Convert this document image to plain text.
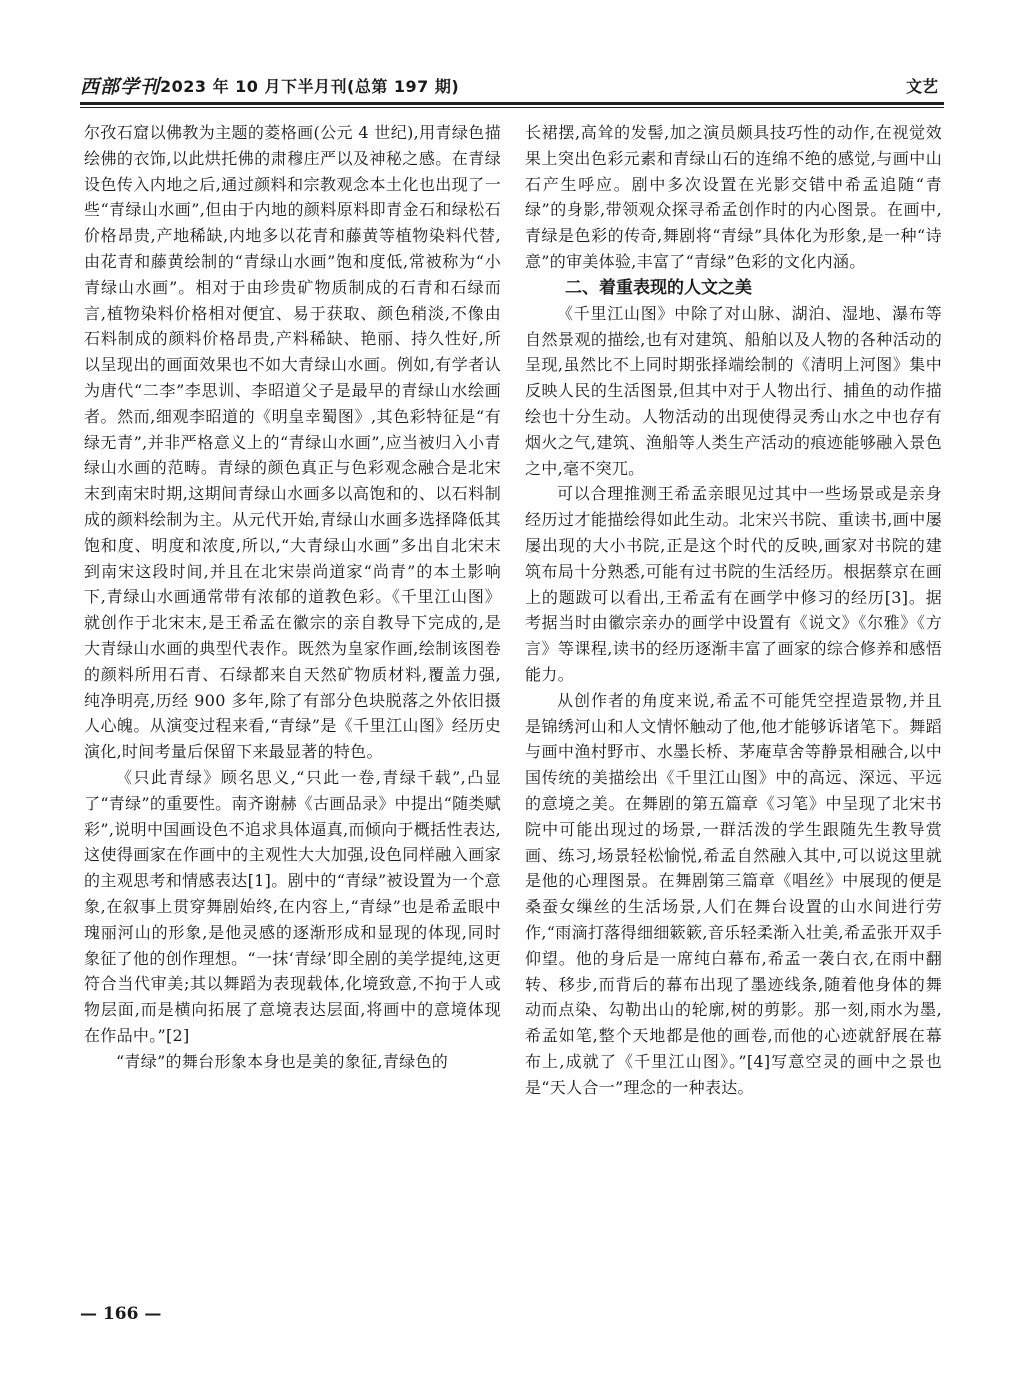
西部学刊 2023 年 10 月下半月刊(总第 197 期)	文艺

尔孜石窟以佛教为主题的菱格画(公元 4 世纪),用青绿色描绘佛的衣饰,以此烘托佛的肃穆庄严以及神秘之感。在青绿设色传入内地之后,通过颜料和宗教观念本土化也出现了一些“青绿山水画”,但由于内地的颜料原料即青金石和绿松石价格昂贵,产地稀缺,内地多以花青和藤黄等植物染料代替,由花青和藤黄绘制的“青绿山水画”饱和度低,常被称为“小青绿山水画”。相对于由珍贵矿物质制成的石青和石绿而言,植物染料价格相对便宜、易于获取、颜色稍淡,不像由石料制成的颜料价格昂贵,产料稀缺、艳丽、持久性好,所以呈现出的画面效果也不如大青绿山水画。例如,有学者认为唐代“二李”李思训、李昭道父子是最早的青绿山水绘画者。然而,细观李昭道的《明皇幸蜀图》,其色彩特征是“有绿无青”,并非严格意义上的“青绿山水画”,应当被归入小青绿山水画的范畴。青绿的颜色真正与色彩观念融合是北宋末到南宋时期,这期间青绿山水画多以高饱和的、以石料制成的颜料绘制为主。从元代开始,青绿山水画多选择降低其饱和度、明度和浓度,所以,“大青绿山水画”多出自北宋末到南宋这段时间,并且在北宋崇尚道家“尚青”的本土影响下,青绿山水画通常带有浓郁的道教色彩。《千里江山图》就创作于北宋末,是王希孟在徽宗的亲自教导下完成的,是大青绿山水画的典型代表作。既然为皇家作画,绘制该图卷的颜料所用石青、石绿都来自天然矿物质材料,覆盖力强,纯净明亮,历经 900 多年,除了有部分色块脱落之外依旧摄人心魄。从演变过程来看,“青绿”是《千里江山图》经历史演化,时间考量后保留下来最显著的特色。

《只此青绿》顾名思义,“只此一卷,青绿千载”,凸显了“青绿”的重要性。南齐谢赫《古画品录》中提出“随类赋彩”,说明中国画设色不追求具体逼真,而倾向于概括性表达,这使得画家在作画中的主观性大大加强,设色同样融入画家的主观思考和情感表达[1]。剧中的“青绿”被设置为一个意象,在叙事上贯穿舞剧始终,在内容上,“青绿”也是希孟眼中瑰丽河山的形象,是他灵感的逐渐形成和显现的体现,同时象征了他的创作理想。“一抹‘青绿’即全剧的美学提纯,这更符合当代审美;其以舞蹈为表现载体,化境致意,不拘于人或物层面,而是横向拓展了意境表达层面,将画中的意境体现在作品中。”[2]

“青绿”的舞台形象本身也是美的象征,青绿色的

长裙摆,高耸的发髻,加之演员颇具技巧性的动作,在视觉效果上突出色彩元素和青绿山石的连绵不绝的感觉,与画中山石产生呼应。剧中多次设置在光影交错中希孟追随“青绿”的身影,带领观众探寻希孟创作时的内心图景。在画中,青绿是色彩的传奇,舞剧将“青绿”具体化为形象,是一种“诗意”的审美体验,丰富了“青绿”色彩的文化内涵。

二、着重表现的人文之美

《千里江山图》中除了对山脉、湖泊、湿地、瀑布等自然景观的描绘,也有对建筑、船舶以及人物的各种活动的呈现,虽然比不上同时期张择端绘制的《清明上河图》集中反映人民的生活图景,但其中对于人物出行、捕鱼的动作描绘也十分生动。人物活动的出现使得灵秀山水之中也存有烟火之气,建筑、渔船等人类生产活动的痕迹能够融入景色之中,毫不突兀。

可以合理推测王希孟亲眼见过其中一些场景或是亲身经历过才能描绘得如此生动。北宋兴书院、重读书,画中屡屡出现的大小书院,正是这个时代的反映,画家对书院的建筑布局十分熟悉,可能有过书院的生活经历。根据蔡京在画上的题跋可以看出,王希孟有在画学中修习的经历[3]。据考据当时由徽宗亲办的画学中设置有《说文》《尔雅》《方言》等课程,读书的经历逐渐丰富了画家的综合修养和感悟能力。

从创作者的角度来说,希孟不可能凭空捏造景物,并且是锦绣河山和人文情怀触动了他,他才能够诉诸笔下。舞蹈与画中渔村野市、水墨长桥、茅庵草舍等静景相融合,以中国传统的美描绘出《千里江山图》中的高远、深远、平远的意境之美。在舞剧的第五篇章《习笔》中呈现了北宋书院中可能出现过的场景,一群活泼的学生跟随先生教导赏画、练习,场景轻松愉悦,希孟自然融入其中,可以说这里就是他的心理图景。在舞剧第三篇章《唱丝》中展现的便是桑蚕女缫丝的生活场景,人们在舞台设置的山水间进行劳作,“雨滴打落得细细簌簌,音乐轻柔渐入壮美,希孟张开双手仰望。他的身后是一席纯白幕布,希孟一袭白衣,在雨中翻转、移步,而背后的幕布出现了墨迹线条,随着他身体的舞动而点染、勾勒出山的轮廓,树的剪影。那一刻,雨水为墨,希孟如笔,整个天地都是他的画卷,而他的心迹就舒展在幕布上,成就了《千里江山图》。”[4]写意空灵的画中之景也是“天人合一”理念的一种表达。

— 166 —
